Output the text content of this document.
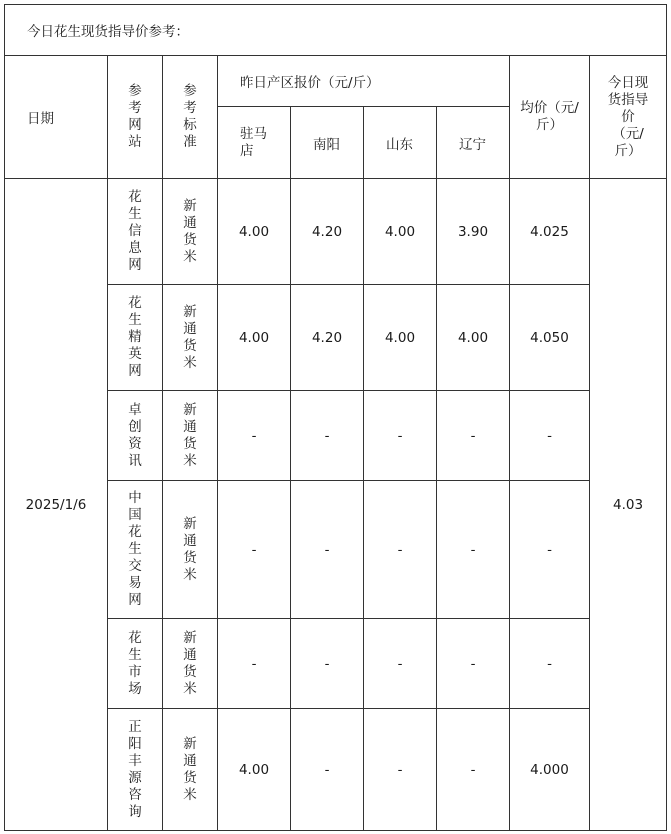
今日花生现货指导价参考：								
日期	参考网站	参考标准	昨日产区报价（元/斤）				均价（元/斤）	今日现货指导价（元/斤）
			驻马店	南阳	山东	辽宁		
2025/1/6	花生信息网	新通货米	4.00	4.20	4.00	3.90	4.025	4.03
	花生精英网	新通货米	4.00	4.20	4.00	4.00	4.050	
	卓创资讯	新通货米	-	-	-	-	-	
	中国花生交易网	新通货米	-	-	-	-	-	
	花生市场	新通货米	-	-	-	-	-	
	正阳丰源咨询	新通货米	4.00	-	-	-	4.000	
